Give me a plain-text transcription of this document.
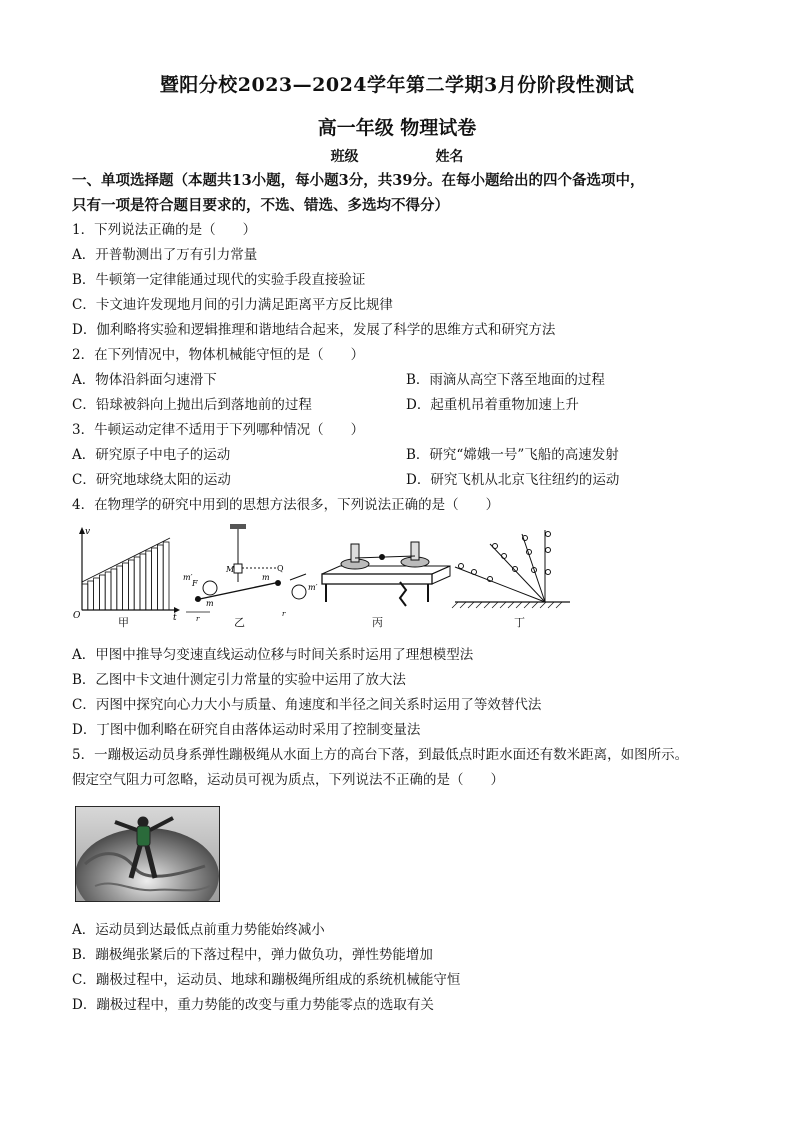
暨阳分校2023—2024学年第二学期3月份阶段性测试
高一年级 物理试卷
班级	姓名
一、单项选择题（本题共13小题，每小题3分，共39分。在每小题给出的四个备选项中，
只有一项是符合题目要求的，不选、错选、多选均不得分）
1．下列说法正确的是（　　）
A．开普勒测出了万有引力常量
B．牛顿第一定律能通过现代的实验手段直接验证
C．卡文迪许发现地月间的引力满足距离平方反比规律
D．伽利略将实验和逻辑推理和谐地结合起来，发展了科学的思维方式和研究方法
2．在下列情况中，物体机械能守恒的是（　　）
A．物体沿斜面匀速滑下	B．雨滴从高空下落至地面的过程
C．铅球被斜向上抛出后到落地前的过程	D．起重机吊着重物加速上升
3．牛顿运动定律不适用于下列哪种情况（　　）
A．研究原子中电子的运动	B．研究“嫦娥一号”飞船的高速发射
C．研究地球绕太阳的运动	D．研究飞机从北京飞往纽约的运动
4．在物理学的研究中用到的思想方法很多，下列说法正确的是（　　）
v
O	t
M	Q
m′
m′
m
m
F
r
r
甲	乙	丙	丁
A．甲图中推导匀变速直线运动位移与时间关系时运用了理想模型法
B．乙图中卡文迪什测定引力常量的实验中运用了放大法
C．丙图中探究向心力大小与质量、角速度和半径之间关系时运用了等效替代法
D．丁图中伽利略在研究自由落体运动时采用了控制变量法
5．一蹦极运动员身系弹性蹦极绳从水面上方的高台下落，到最低点时距水面还有数米距离，如图所示。
假定空气阻力可忽略，运动员可视为质点，下列说法不正确的是（　　）
A．运动员到达最低点前重力势能始终减小
B．蹦极绳张紧后的下落过程中，弹力做负功，弹性势能增加
C．蹦极过程中，运动员、地球和蹦极绳所组成的系统机械能守恒
D．蹦极过程中，重力势能的改变与重力势能零点的选取有关
